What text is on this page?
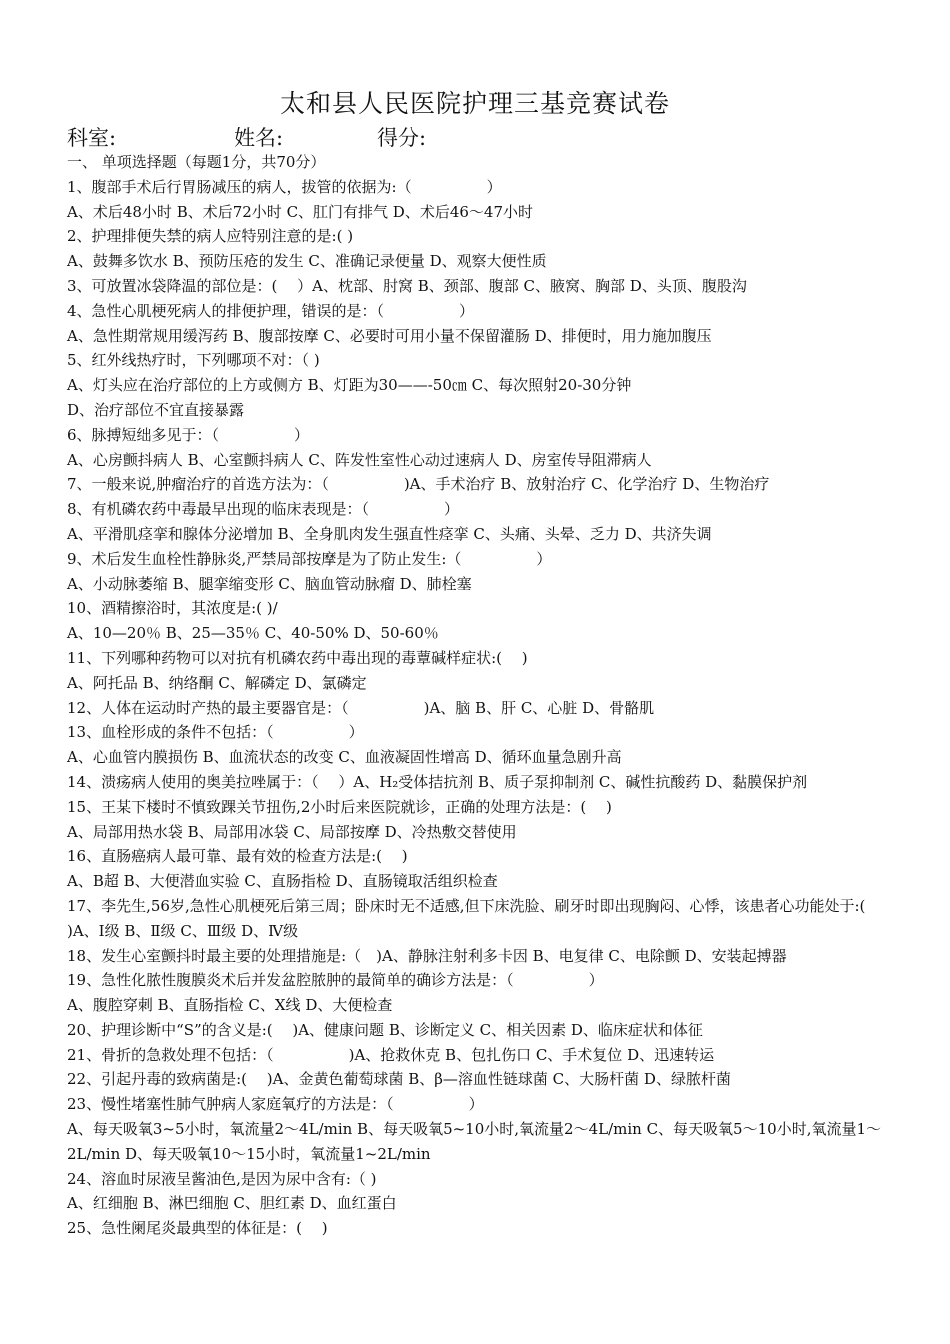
太和县人民医院护理三基竞赛试卷
科室:	姓名:	得分:
一、 单项选择题（每题1分，共70分）
1、腹部手术后行胃肠减压的病人，拔管的依据为:（　　　　　）
A、术后48小时 B、术后72小时 C、肛门有排气 D、术后46～47小时
2、护理排便失禁的病人应特别注意的是:( )
A、鼓舞多饮水 B、预防压疮的发生 C、准确记录便量 D、观察大便性质
3、可放置冰袋降温的部位是：(　 ）A、枕部、肘窝 B、颈部、腹部 C、腋窝、胸部 D、头顶、腹股沟
4、急性心肌梗死病人的排便护理，错误的是：（　　　　　）
A、急性期常规用缓泻药 B、腹部按摩 C、必要时可用小量不保留灌肠 D、排便时，用力施加腹压
5、红外线热疗时，下列哪项不对：（ )
A、灯头应在治疗部位的上方或侧方 B、灯距为30——-50㎝ C、每次照射20-30分钟
D、治疗部位不宜直接暴露
6、脉搏短绌多见于：（　　　　　）
A、心房颤抖病人 B、心室颤抖病人 C、阵发性室性心动过速病人 D、房室传导阻滞病人
7、一般来说,肿瘤治疗的首选方法为：（　　　　　)A、手术治疗 B、放射治疗 C、化学治疗 D、生物治疗
8、有机磷农药中毒最早出现的临床表现是：（　　　　　）
A、平滑肌痉挛和腺体分泌增加 B、全身肌肉发生强直性痉挛 C、头痛、头晕、乏力 D、共济失调
9、术后发生血栓性静脉炎,严禁局部按摩是为了防止发生:（　　　　　）
A、小动脉萎缩 B、腿挛缩变形 C、脑血管动脉瘤 D、肺栓塞
10、酒精擦浴时，其浓度是:( )/
A、10—20％ B、25—35％ C、40-50% D、50-60％
11、下列哪种药物可以对抗有机磷农药中毒出现的毒蕈碱样症状:(　 )
A、阿托品 B、纳络酮 C、解磷定 D、氯磷定
12、人体在运动时产热的最主要器官是：（　　　　　)A、脑 B、肝 C、心脏 D、骨骼肌
13、血栓形成的条件不包括：（　　　　　）
A、心血管内膜损伤 B、血流状态的改变 C、血液凝固性增高 D、循环血量急剧升高
14、溃疡病人使用的奥美拉唑属于：（　 ）A、H₂受体拮抗剂 B、质子泵抑制剂 C、碱性抗酸药 D、黏膜保护剂
15、王某下楼时不慎致踝关节扭伤,2小时后来医院就诊，正确的处理方法是：(　 )
A、局部用热水袋 B、局部用冰袋 C、局部按摩 D、冷热敷交替使用
16、直肠癌病人最可靠、最有效的检查方法是:(　 )
A、B超 B、大便潜血实验 C、直肠指检 D、直肠镜取活组织检查
17、李先生,56岁,急性心肌梗死后第三周；卧床时无不适感,但下床洗脸、刷牙时即出现胸闷、心悸，该患者心功能处于:(　 )A、Ⅰ级 B、Ⅱ级 C、Ⅲ级 D、Ⅳ级
18、发生心室颤抖时最主要的处理措施是:（　)A、静脉注射利多卡因 B、电复律 C、电除颤 D、安装起搏器
19、急性化脓性腹膜炎术后并发盆腔脓肿的最简单的确诊方法是：（　　　　　）
A、腹腔穿刺 B、直肠指检 C、X线 D、大便检查
20、护理诊断中“S”的含义是:(　 )A、健康问题 B、诊断定义 C、相关因素 D、临床症状和体征
21、骨折的急救处理不包括：（　　　　　)A、抢救休克 B、包扎伤口 C、手术复位 D、迅速转运
22、引起丹毒的致病菌是:(　 )A、金黄色葡萄球菌 B、β—溶血性链球菌 C、大肠杆菌 D、绿脓杆菌
23、慢性堵塞性肺气肿病人家庭氧疗的方法是：（　　　　　）
A、每天吸氧3~5小时，氧流量2～4L/min B、每天吸氧5~10小时,氧流量2～4L/min C、每天吸氧5～10小时,氧流量1～2L/min D、每天吸氧10～15小时，氧流量1~2L/min
24、溶血时尿液呈酱油色,是因为尿中含有:（ )
A、红细胞 B、淋巴细胞 C、胆红素 D、血红蛋白
25、急性阑尾炎最典型的体征是：(　 )
